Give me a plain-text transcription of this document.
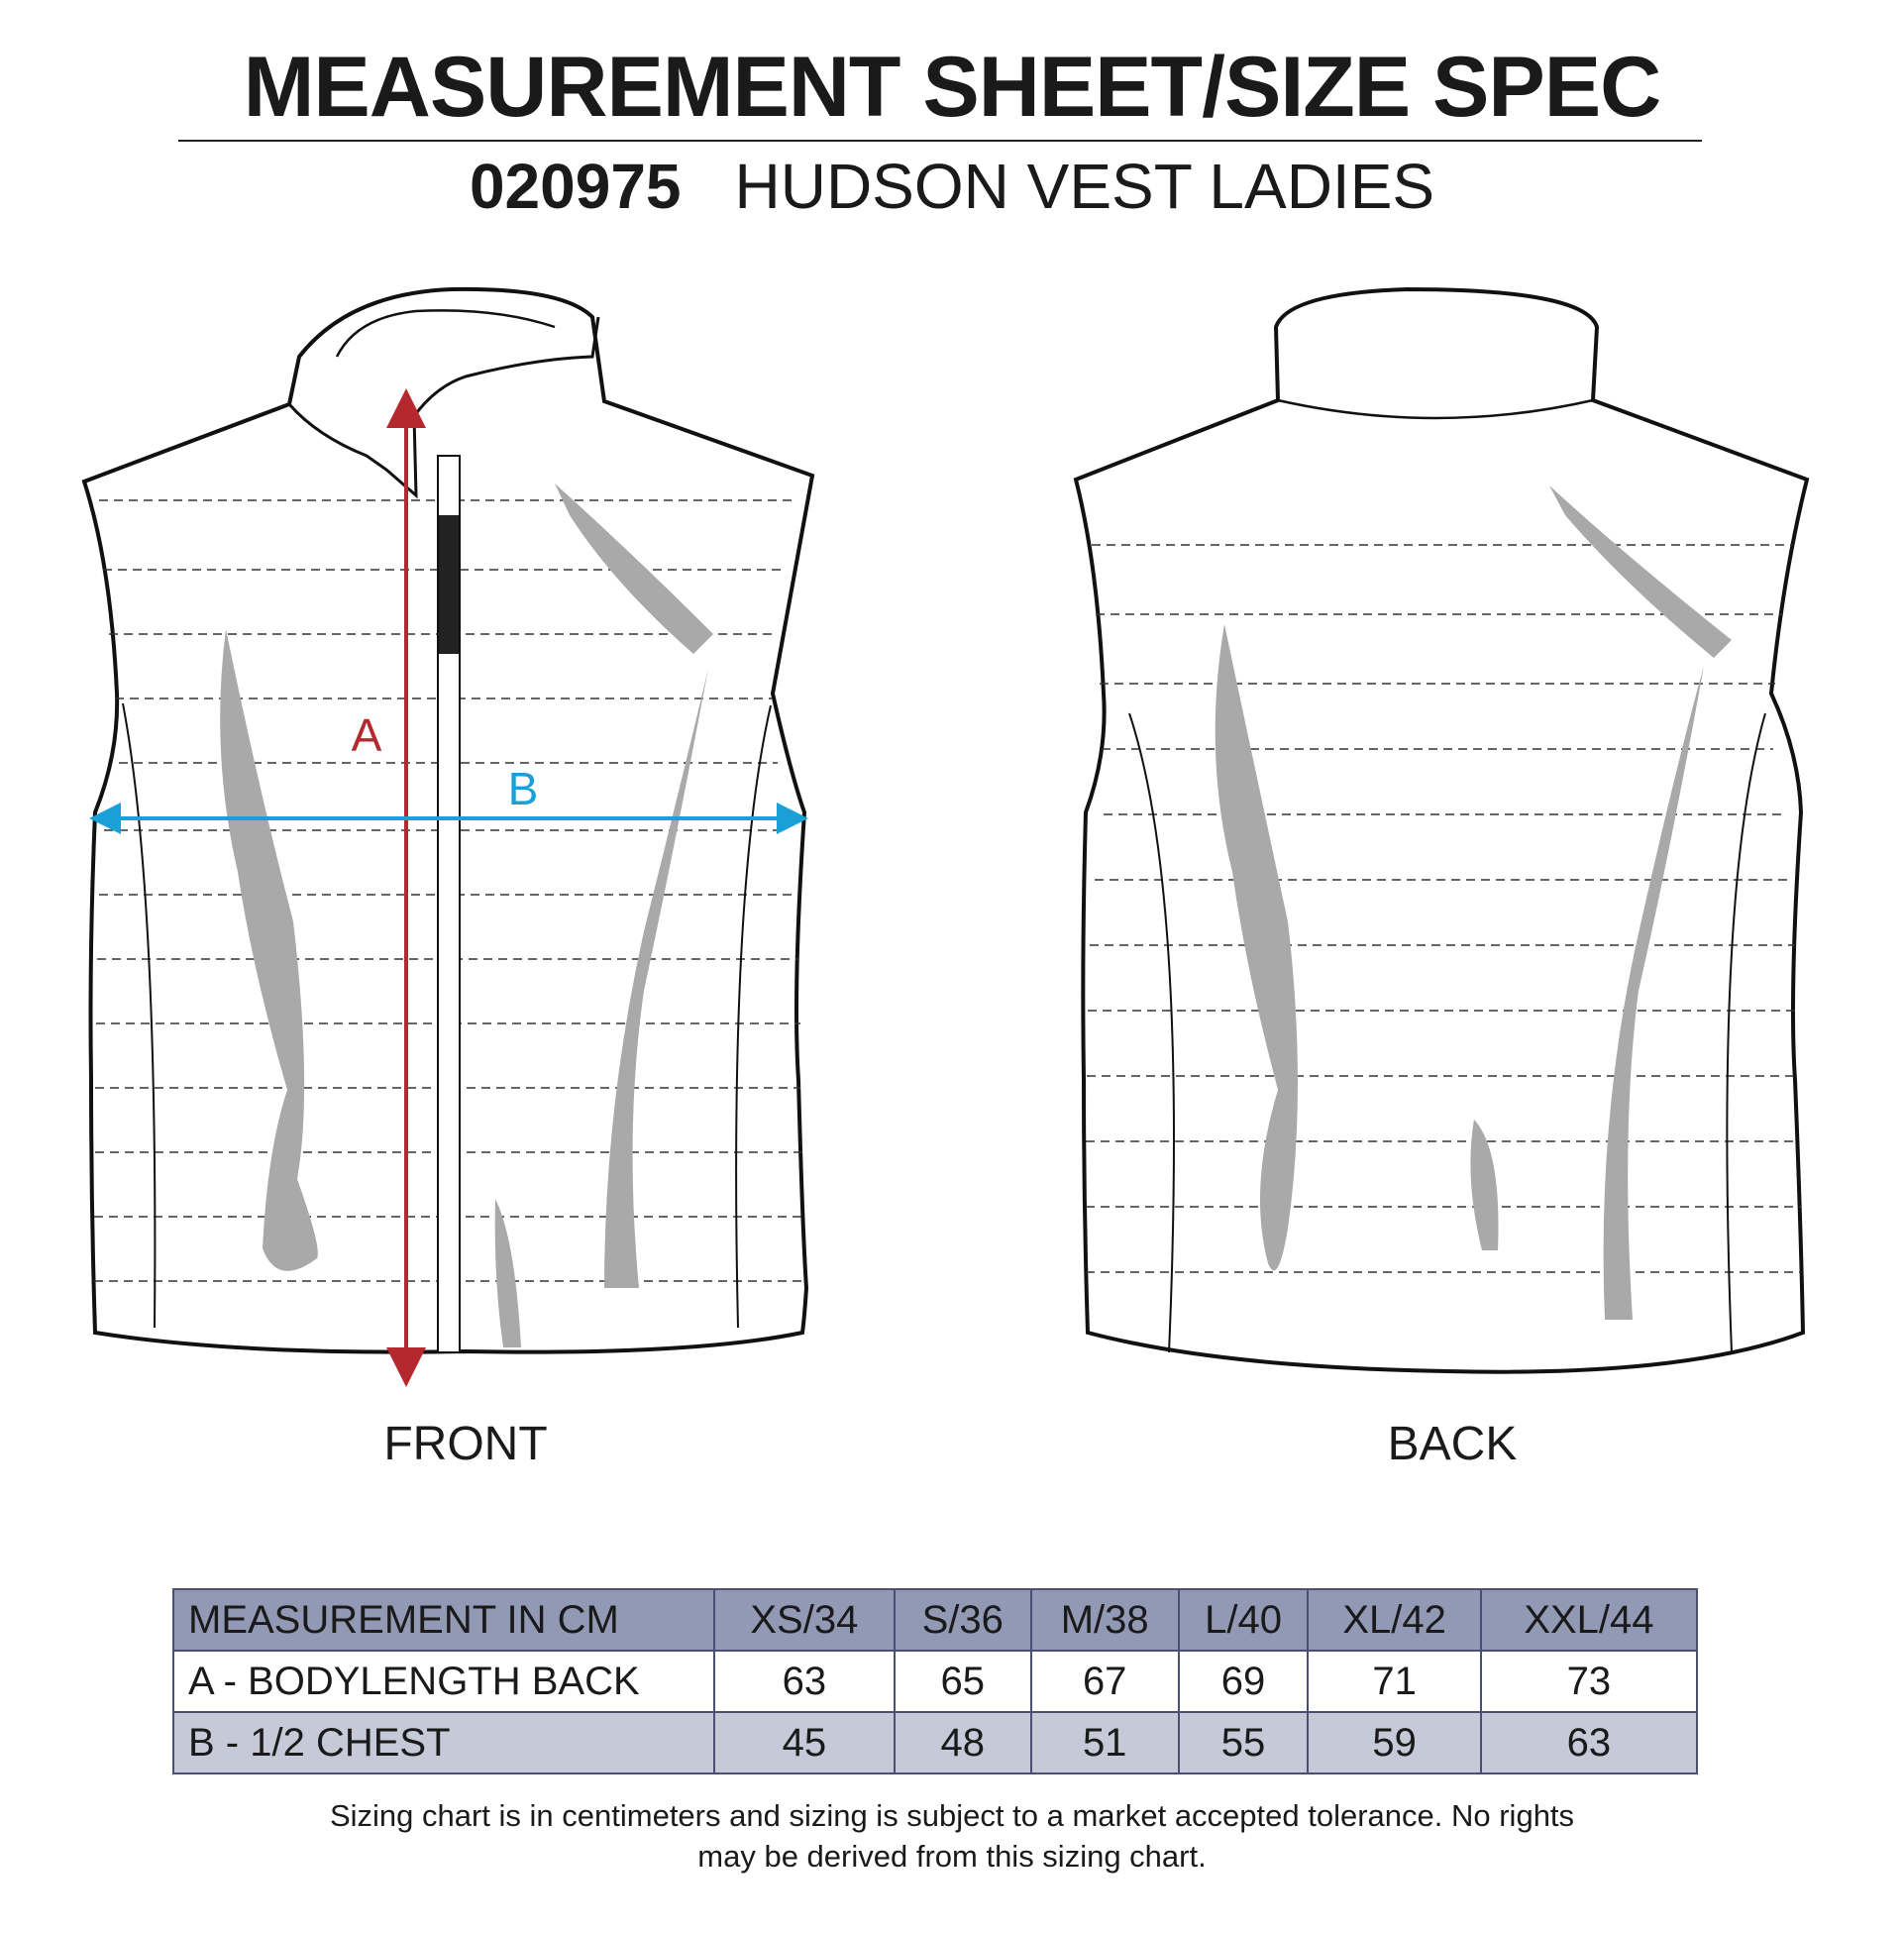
MEASUREMENT SHEET/SIZE SPEC
020975 HUDSON VEST LADIES
A
B
FRONT	BACK
MEASUREMENT IN CM	XS/34	S/36	M/38	L/40	XL/42	XXL/44
A - BODYLENGTH BACK	63	65	67	69	71	73
B - 1/2 CHEST	45	48	51	55	59	63
Sizing chart is in centimeters and sizing is subject to a market accepted tolerance. No rights
may be derived from this sizing chart.
